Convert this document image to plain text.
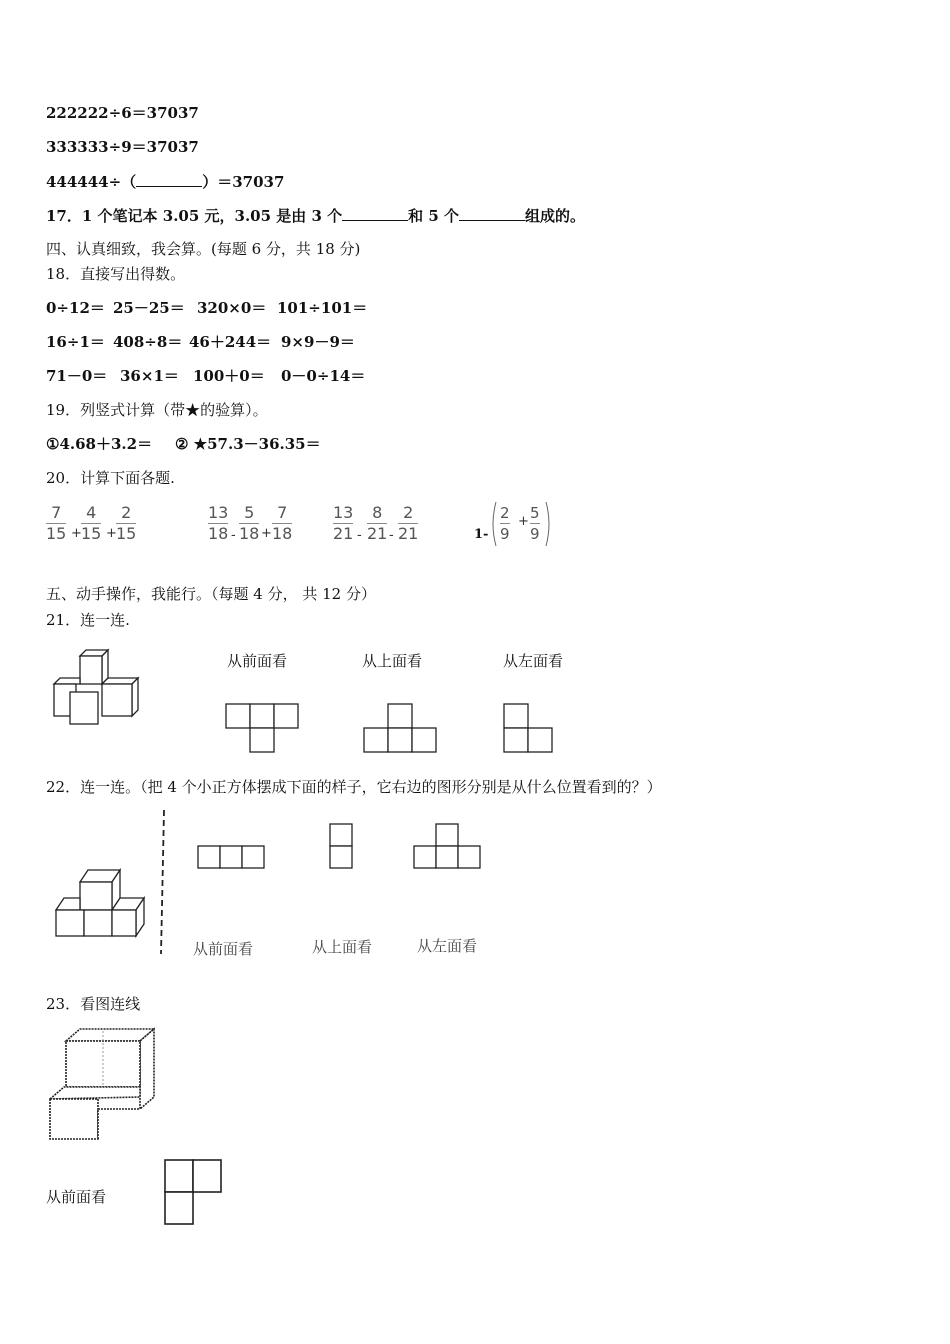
222222÷6＝37037
333333÷9＝37037
444444÷（	）＝37037
17．1 个笔记本 3.05 元，3.05 是由 3 个	和 5 个	组成的。
四、认真细致，我会算。(每题 6 分，共 18 分)
18．直接写出得数。
0÷12＝ 25－25＝ 320×0＝ 101÷101＝
16÷1＝ 408÷8＝ 46＋244＝ 9×9－9＝
71－0＝ 36×1＝ 100＋0＝ 0－0÷14＝
19．列竖式计算（带★的验算）。
①4.68＋3.2＝ ② ★57.3－36.35＝
20．计算下面各题.
$\frac{7}{15} + \frac{4}{15} + \frac{2}{15}$	$\frac{13}{18} - \frac{5}{18} + \frac{7}{18}$	$\frac{13}{21} - \frac{8}{21} - \frac{2}{21}$	$1- \frac{2}{9} + \frac{5}{9}$
五、动手操作，我能行。（每题 4 分， 共 12 分）
21．连一连.
从前面看	从上面看	从左面看
22．连一连。（把 4 个小正方体摆成下面的样子，它右边的图形分别是从什么位置看到的？）
从前面看	从上面看	从左面看
23．看图连线
从前面看
